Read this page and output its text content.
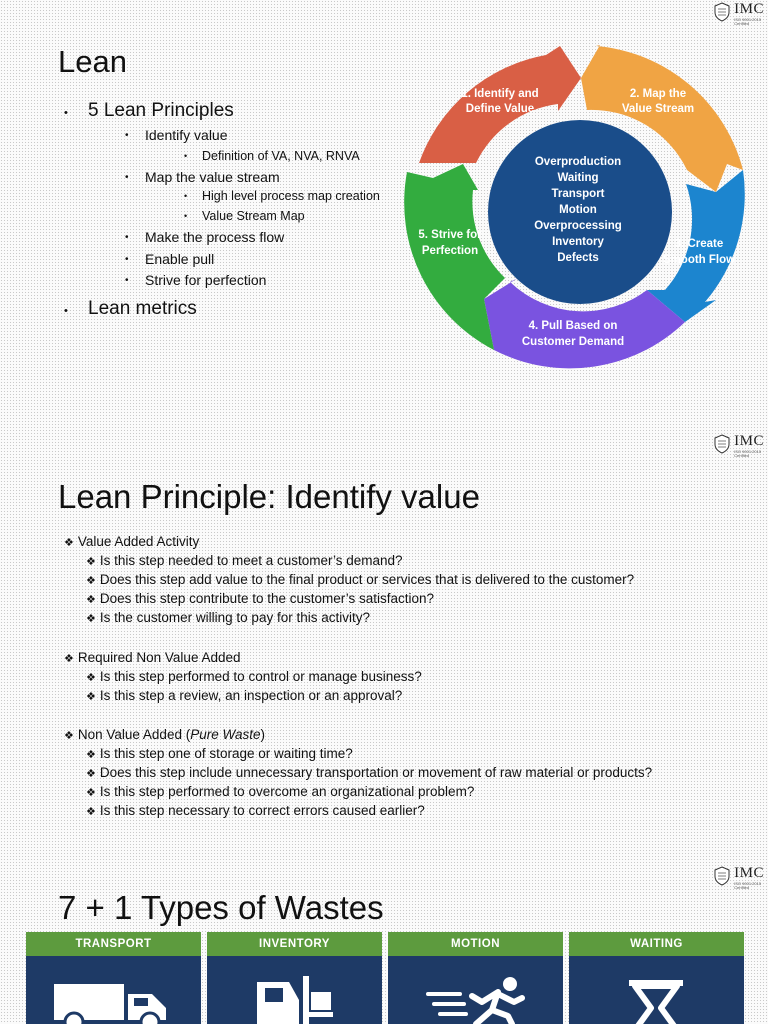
IMC
ISO 9001:2015
Certified
Lean
• 5 Lean Principles
• Identify value
• Definition of VA, NVA, RNVA
• Map the value stream
• High level process map creation
• Value Stream Map
• Make the process flow
• Enable pull
• Strive for perfection
• Lean metrics
1. Identify and
Define Value
2. Map the
Value Stream
3. Create
Smooth Flow
4. Pull Based on
Customer Demand
5. Strive for
Perfection
Overproduction
Waiting
Transport
Motion
Overprocessing
Inventory
Defects
IMC
ISO 9001:2015
Certified
Lean Principle: Identify value
❖ Value Added Activity
❖ Is this step needed to meet a customer’s demand?
❖ Does this step add value to the final product or services that is delivered to the customer?
❖ Does this step contribute to the customer’s satisfaction?
❖ Is the customer willing to pay for this activity?
❖ Required Non Value Added
❖ Is this step performed to control or manage business?
❖ Is this step a review, an inspection or an approval?
❖ Non Value Added (Pure Waste)
❖ Is this step one of storage or waiting time?
❖ Does this step include unnecessary transportation or movement of raw material or products?
❖ Is this step performed to overcome an organizational problem?
❖ Is this step necessary to correct errors caused earlier?
IMC
ISO 9001:2015
Certified
7 + 1 Types of Wastes
TRANSPORT	INVENTORY	MOTION	WAITING
